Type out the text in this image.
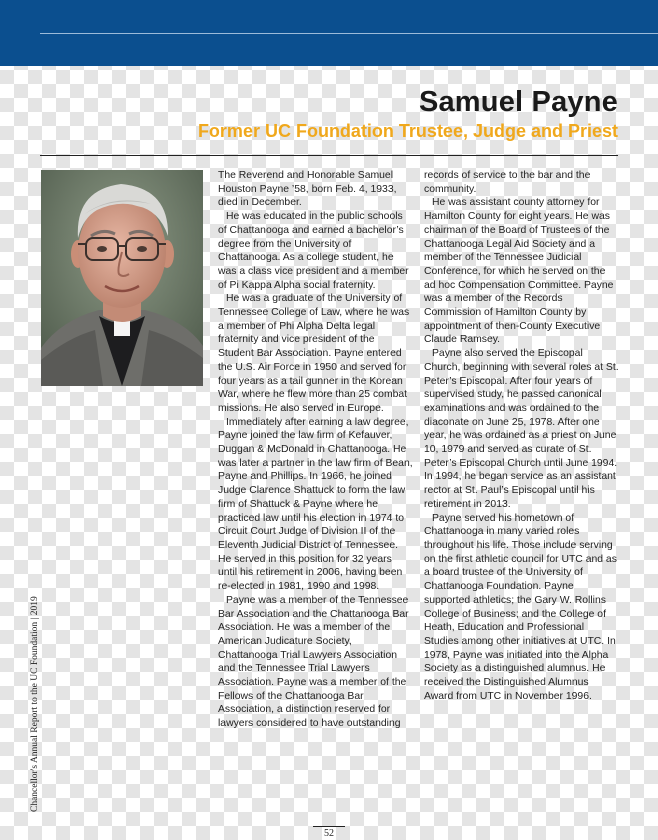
Samuel Payne
Former UC Foundation Trustee, Judge and Priest
Chancellor's Annual Report to the UC Foundation | 2019

The Reverend and Honorable Samuel Houston Payne ’58, born Feb. 4, 1933, died in December.

He was educated in the public schools of Chattanooga and earned a bachelor’s degree from the University of Chattanooga. As a college student, he was a class vice president and a member of Pi Kappa Alpha social fraternity.

He was a graduate of the University of Tennessee College of Law, where he was a member of Phi Alpha Delta legal fraternity and vice president of the Student Bar Association. Payne entered the U.S. Air Force in 1950 and served for four years as a tail gunner in the Korean War, where he flew more than 25 combat missions. He also served in Europe.

Immediately after earning a law degree, Payne joined the law firm of Kefauver, Duggan & McDonald in Chattanooga. He was later a partner in the law firm of Bean, Payne and Phillips. In 1966, he joined Judge Clarence Shattuck to form the law firm of Shattuck & Payne where he practiced law until his election in 1974 to Circuit Court Judge of Division II of the Eleventh Judicial District of Tennessee. He served in this position for 32 years until his retirement in 2006, having been re-elected in 1981, 1990 and 1998.

Payne was a member of the Tennessee Bar Association and the Chattanooga Bar Association. He was a member of the American Judicature Society, Chattanooga Trial Lawyers Association and the Tennessee Trial Lawyers Association. Payne was a member of the Fellows of the Chattanooga Bar Association, a distinction reserved for lawyers considered to have outstanding

records of service to the bar and the community.

He was assistant county attorney for Hamilton County for eight years. He was chairman of the Board of Trustees of the Chattanooga Legal Aid Society and a member of the Tennessee Judicial Conference, for which he served on the ad hoc Compensation Committee. Payne was a member of the Records Commission of Hamilton County by appointment of then-County Executive Claude Ramsey.

Payne also served the Episcopal Church, beginning with several roles at St. Peter’s Episcopal. After four years of supervised study, he passed canonical examinations and was ordained to the diaconate on June 25, 1978. After one year, he was ordained as a priest on June 10, 1979 and served as curate of St. Peter’s Episcopal Church until June 1994. In 1994, he began service as an assistant rector at St. Paul’s Episcopal until his retirement in 2013.

Payne served his hometown of Chattanooga in many varied roles throughout his life. Those include serving on the first athletic council for UTC and as a board trustee of the University of Chattanooga Foundation. Payne supported athletics; the Gary W. Rollins College of Business; and the College of Heath, Education and Professional Studies among other initiatives at UTC. In 1978, Payne was initiated into the Alpha Society as a distinguished alumnus. He received the Distinguished Alumnus Award from UTC in November 1996.

52
